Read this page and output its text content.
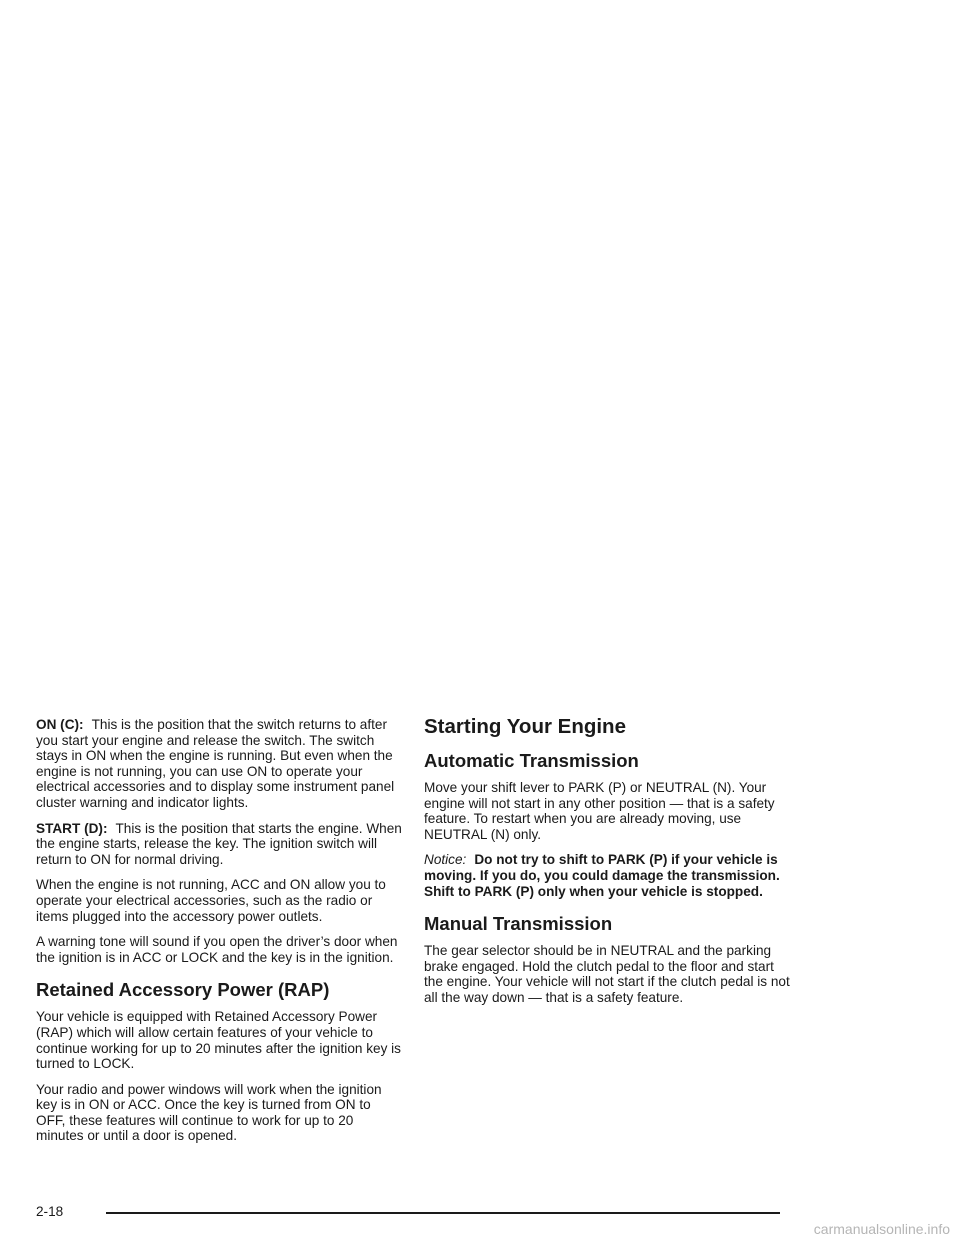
ON (C): This is the position that the switch returns to after you start your engine and release the switch. The switch stays in ON when the engine is running. But even when the engine is not running, you can use ON to operate your electrical accessories and to display some instrument panel cluster warning and indicator lights.

START (D): This is the position that starts the engine. When the engine starts, release the key. The ignition switch will return to ON for normal driving.

When the engine is not running, ACC and ON allow you to operate your electrical accessories, such as the radio or items plugged into the accessory power outlets.

A warning tone will sound if you open the driver’s door when the ignition is in ACC or LOCK and the key is in the ignition.

Retained Accessory Power (RAP)

Your vehicle is equipped with Retained Accessory Power (RAP) which will allow certain features of your vehicle to continue working for up to 20 minutes after the ignition key is turned to LOCK.

Your radio and power windows will work when the ignition key is in ON or ACC. Once the key is turned from ON to OFF, these features will continue to work for up to 20 minutes or until a door is opened.

Starting Your Engine
Automatic Transmission

Move your shift lever to PARK (P) or NEUTRAL (N). Your engine will not start in any other position — that is a safety feature. To restart when you are already moving, use NEUTRAL (N) only.

Notice: Do not try to shift to PARK (P) if your vehicle is moving. If you do, you could damage the transmission. Shift to PARK (P) only when your vehicle is stopped.

Manual Transmission

The gear selector should be in NEUTRAL and the parking brake engaged. Hold the clutch pedal to the floor and start the engine. Your vehicle will not start if the clutch pedal is not all the way down — that is a safety feature.

2-18
carmanualsonline.info
